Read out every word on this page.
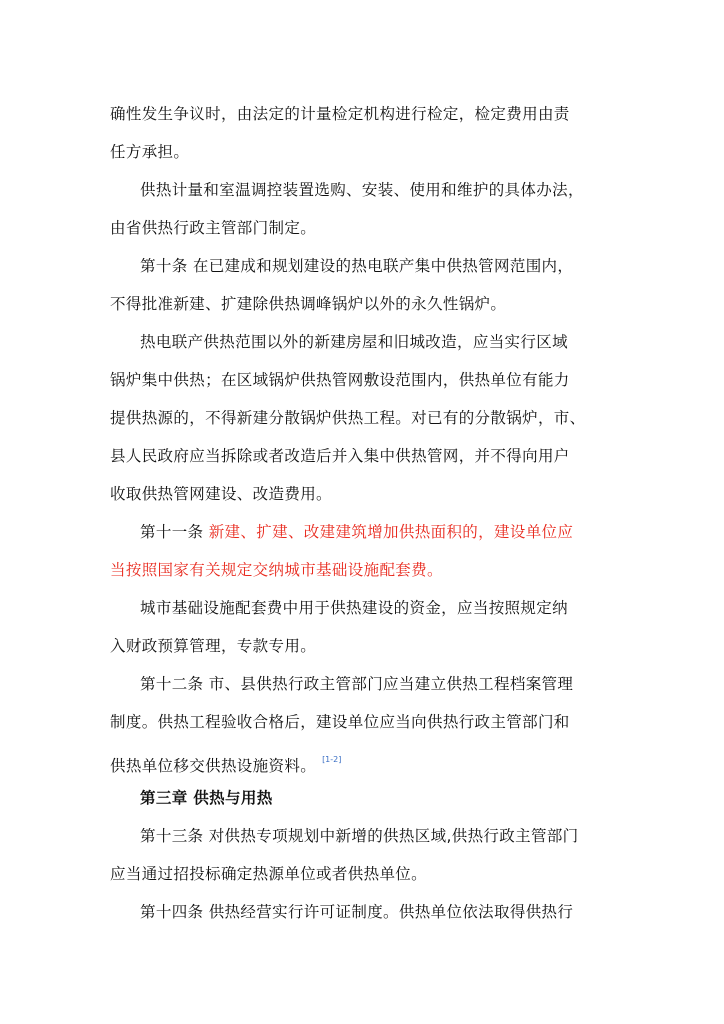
确性发生争议时，由法定的计量检定机构进行检定，检定费用由责
任方承担。
供热计量和室温调控装置选购、安装、使用和维护的具体办法，
由省供热行政主管部门制定。
第十条 在已建成和规划建设的热电联产集中供热管网范围内，
不得批准新建、扩建除供热调峰锅炉以外的永久性锅炉。
热电联产供热范围以外的新建房屋和旧城改造，应当实行区域
锅炉集中供热；在区域锅炉供热管网敷设范围内，供热单位有能力
提供热源的，不得新建分散锅炉供热工程。对已有的分散锅炉，市、
县人民政府应当拆除或者改造后并入集中供热管网，并不得向用户
收取供热管网建设、改造费用。
第十一条 新建、扩建、改建建筑增加供热面积的，建设单位应
当按照国家有关规定交纳城市基础设施配套费。
城市基础设施配套费中用于供热建设的资金，应当按照规定纳
入财政预算管理，专款专用。
第十二条 市、县供热行政主管部门应当建立供热工程档案管理
制度。供热工程验收合格后，建设单位应当向供热行政主管部门和
供热单位移交供热设施资料。 [1-2]
第三章 供热与用热
第十三条 对供热专项规划中新增的供热区域,供热行政主管部门
应当通过招投标确定热源单位或者供热单位。
第十四条 供热经营实行许可证制度。供热单位依法取得供热行
